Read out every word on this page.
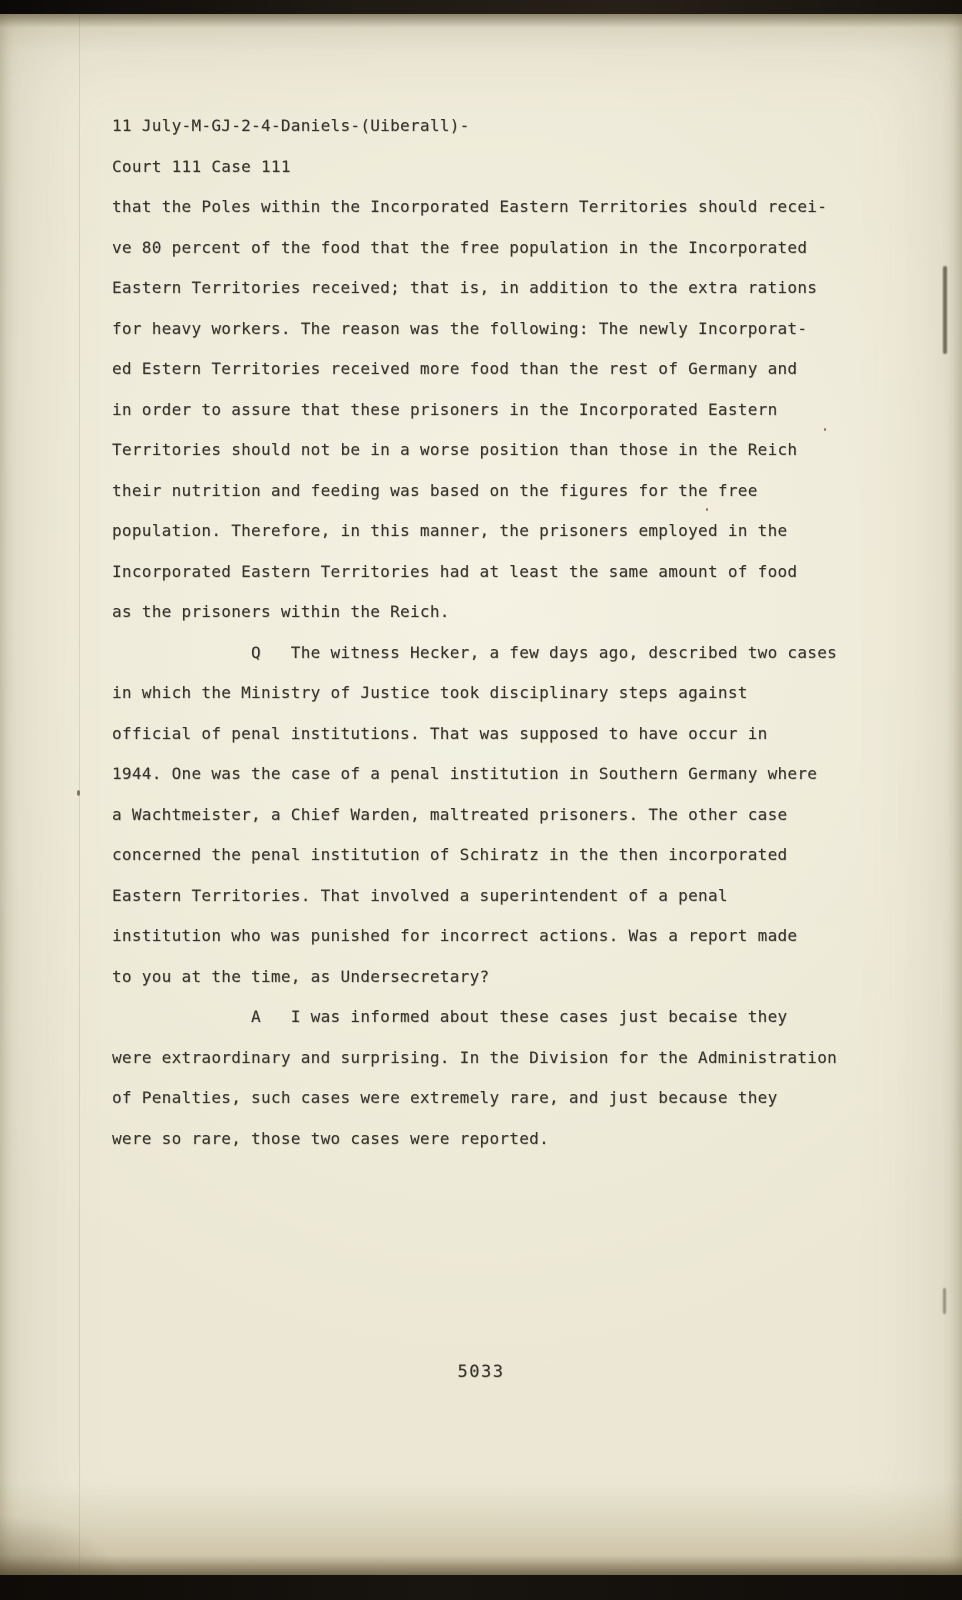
11 July-M-GJ-2-4-Daniels-(Uiberall)-
Court 111 Case 111
that the Poles within the Incorporated Eastern Territories should recei-
ve 80 percent of the food that the free population in the Incorporated
Eastern Territories received; that is, in addition to the extra rations
for heavy workers. The reason was the following: The newly Incorporat-
ed Estern Territories received more food than the rest of Germany and
in order to assure that these prisoners in the Incorporated Eastern
Territories should not be in a worse position than those in the Reich
their nutrition and feeding was based on the figures for the free
population. Therefore, in this manner, the prisoners employed in the
Incorporated Eastern Territories had at least the same amount of food
as the prisoners within the Reich.
Q   The witness Hecker, a few days ago, described two cases
in which the Ministry of Justice took disciplinary steps against
official of penal institutions. That was supposed to have occur in
1944. One was the case of a penal institution in Southern Germany where
a Wachtmeister, a Chief Warden, maltreated prisoners. The other case
concerned the penal institution of Schiratz in the then incorporated
Eastern Territories. That involved a superintendent of a penal
institution who was punished for incorrect actions. Was a report made
to you at the time, as Undersecretary?
A   I was informed about these cases just becaise they
were extraordinary and surprising. In the Division for the Administration
of Penalties, such cases were extremely rare, and just because they
were so rare, those two cases were reported.
5033
